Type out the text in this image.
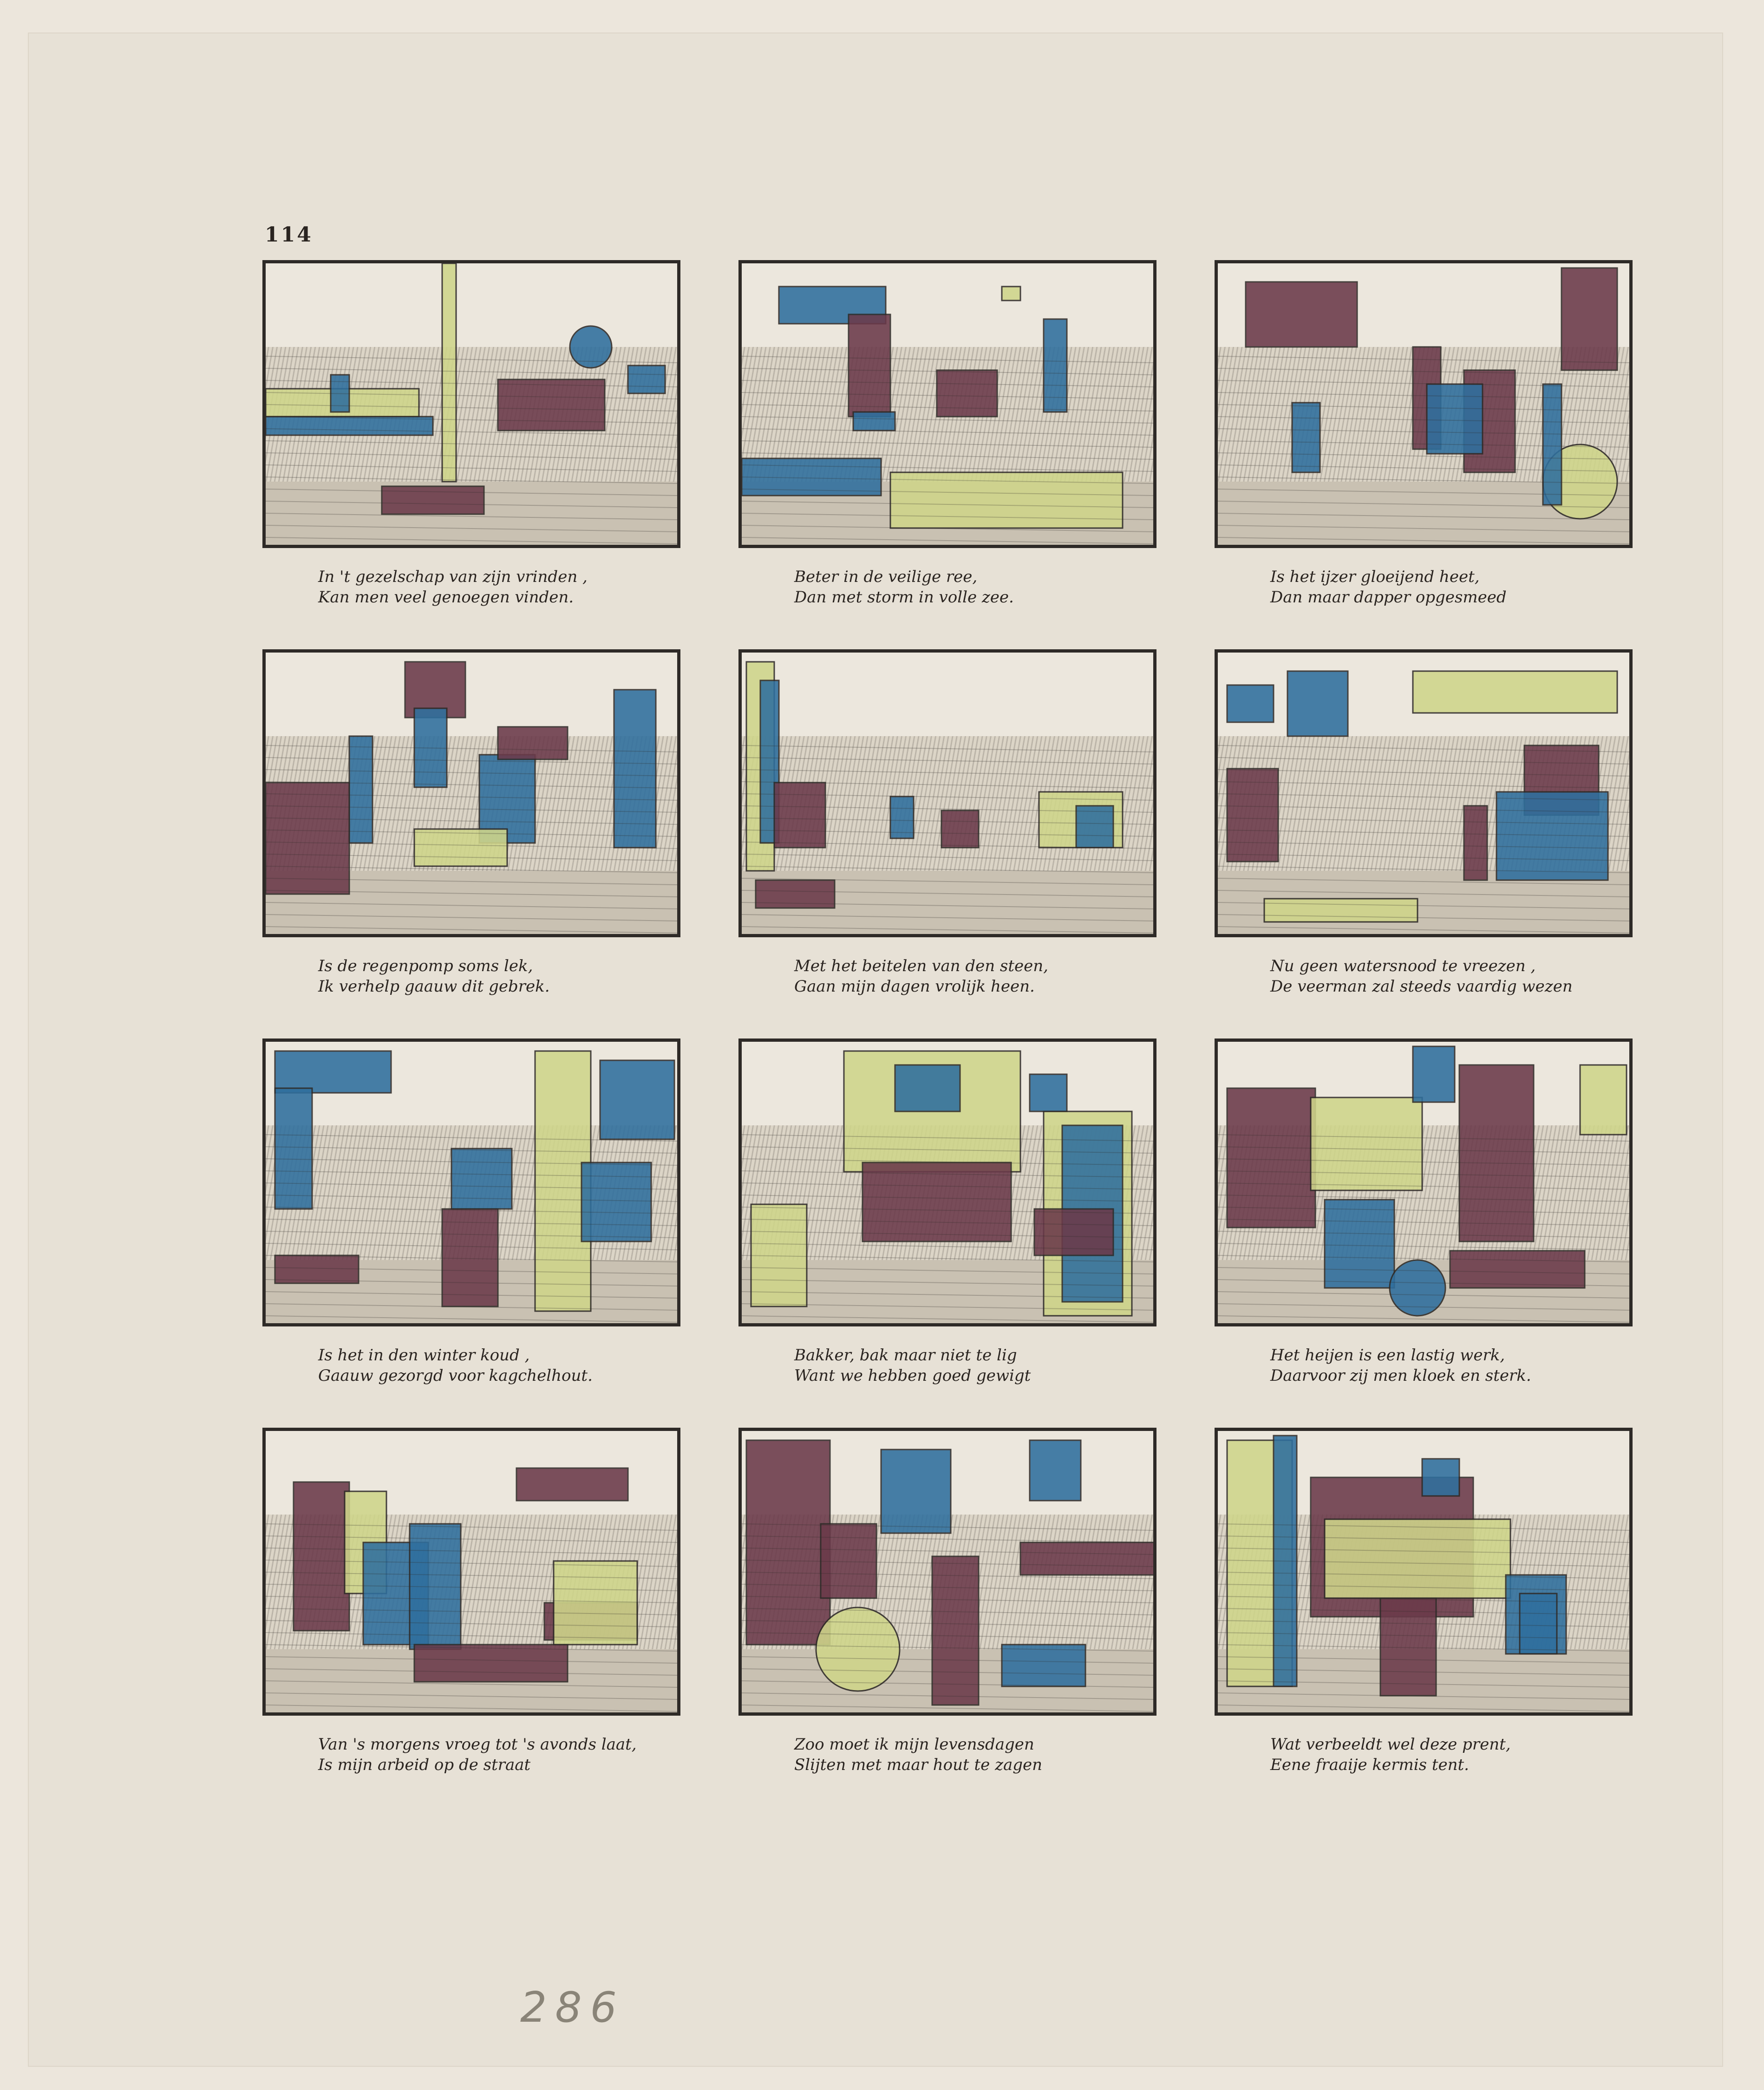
114
In 't gezelschap van zijn vrinden ,
Kan men veel genoegen vinden.
Beter in de veilige ree,
Dan met storm in volle zee.
Is het ijzer gloeijend heet,
Dan maar dapper opgesmeed
Is de regenpomp soms lek,
Ik verhelp gaauw dit gebrek.
Met het beitelen van den steen,
Gaan mijn dagen vrolijk heen.
Nu geen watersnood te vreezen ,
De veerman zal steeds vaardig wezen
Is het in den winter koud ,
Gaauw gezorgd voor kagchelhout.
Bakker, bak maar niet te lig
Want we hebben goed gewigt
Het heijen is een lastig werk,
Daarvoor zij men kloek en sterk.
Van 's morgens vroeg tot 's avonds laat,
Is mijn arbeid op de straat
Zoo moet ik mijn levensdagen
Slijten met maar hout te zagen
Wat verbeeldt wel deze prent,
Eene fraaije kermis tent.
286
